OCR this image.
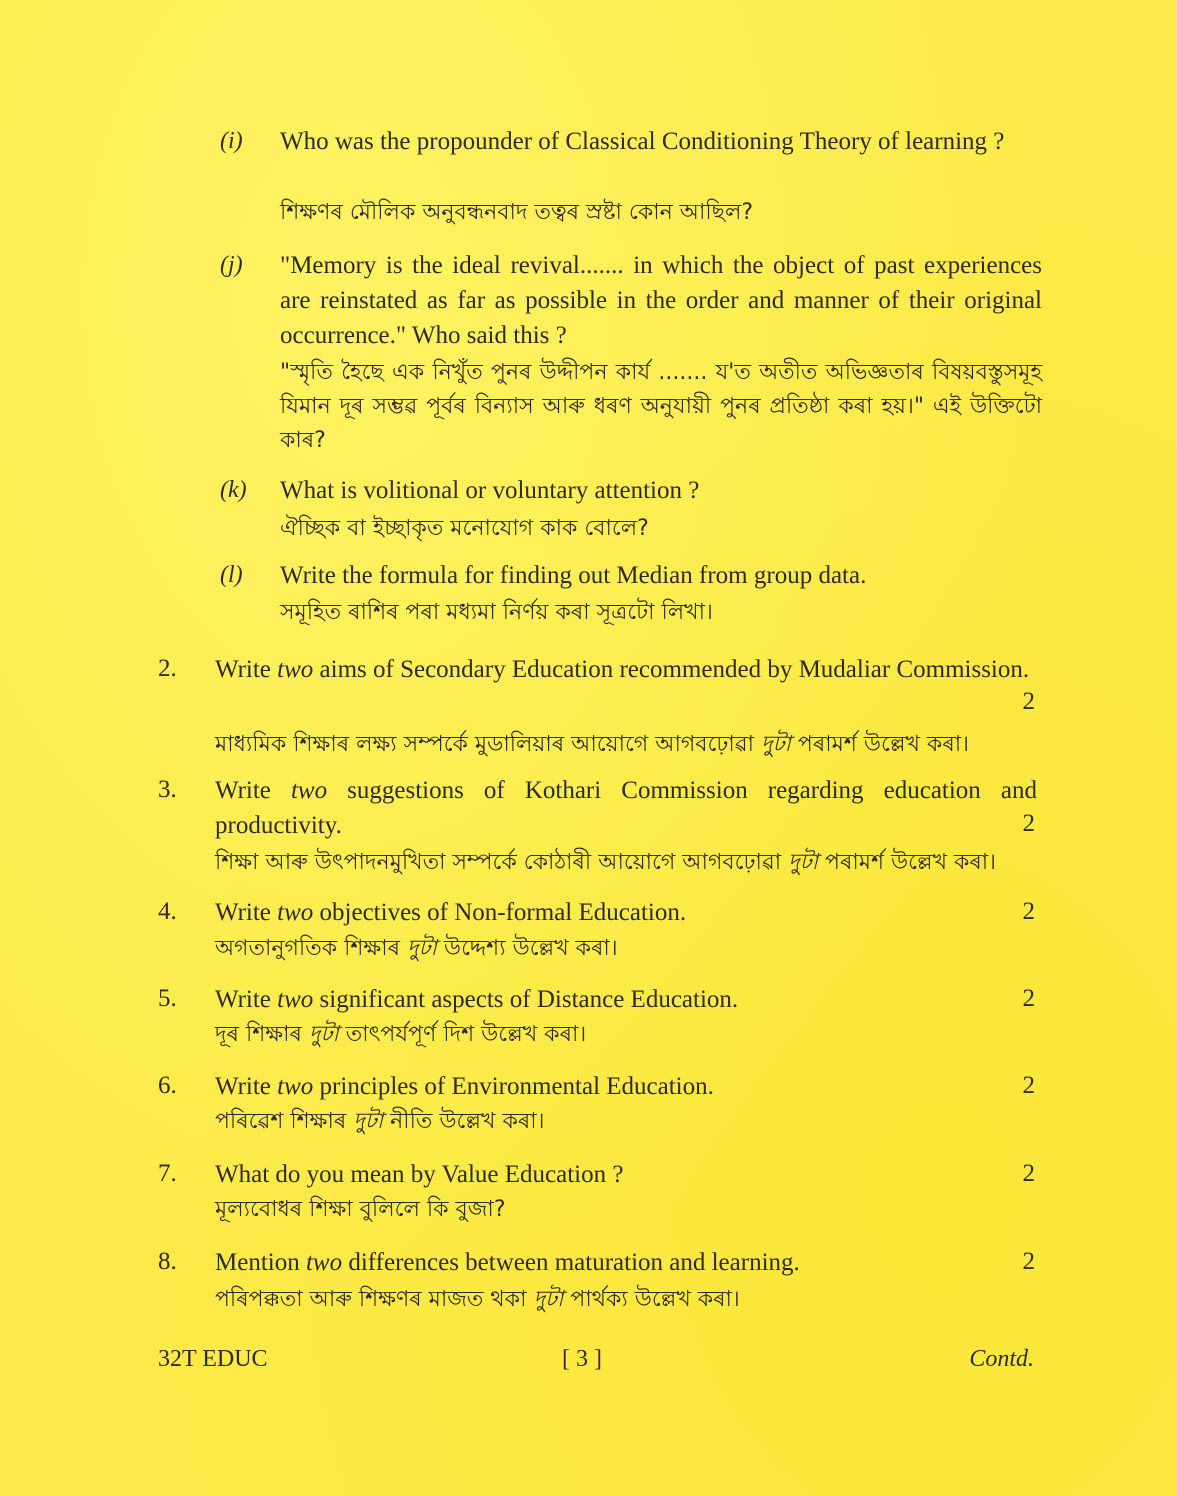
(i) Who was the propounder of Classical Conditioning Theory of learning ?
শিক্ষণৰ মৌলিক অনুবন্ধনবাদ তত্বৰ স্রষ্টা কোন আছিল?
(j) "Memory is the ideal revival....... in which the object of past experiences are reinstated as far as possible in the order and manner of their original occurrence." Who said this ?
"স্মৃতি হৈছে এক নিখুঁত পুনৰ উদ্দীপন কাৰ্য ....... য'ত অতীত অভিজ্ঞতাৰ বিষয়বস্তুসমূহ যিমান দূৰ সম্ভৱ পূৰ্বৰ বিন্যাস আৰু ধৰণ অনুযায়ী পুনৰ প্ৰতিষ্ঠা কৰা হয়।" এই উক্তিটো কাৰ?
(k) What is volitional or voluntary attention ?
ঐচ্ছিক বা ইচ্ছাকৃত মনোযোগ কাক বোলে?
(l) Write the formula for finding out Median from group data.
সমূহিত ৰাশিৰ পৰা মধ্যমা নিৰ্ণয় কৰা সূত্ৰটো লিখা।
2. Write two aims of Secondary Education recommended by Mudaliar Commission.
2
মাধ্যমিক শিক্ষাৰ লক্ষ্য সম্পৰ্কে মুডালিয়াৰ আয়োগে আগবঢ়োৱা দুটা পৰামৰ্শ উল্লেখ কৰা।
3. Write two suggestions of Kothari Commission regarding education and productivity.	2
শিক্ষা আৰু উৎপাদনমুখিতা সম্পৰ্কে কোঠাৰী আয়োগে আগবঢ়োৱা দুটা পৰামৰ্শ উল্লেখ কৰা।
4. Write two objectives of Non-formal Education.	2
অগতানুগতিক শিক্ষাৰ দুটা উদ্দেশ্য উল্লেখ কৰা।
5. Write two significant aspects of Distance Education.	2
দূৰ শিক্ষাৰ দুটা তাৎপৰ্যপূৰ্ণ দিশ উল্লেখ কৰা।
6. Write two principles of Environmental Education.	2
পৰিৱেশ শিক্ষাৰ দুটা নীতি উল্লেখ কৰা।
7. What do you mean by Value Education ?	2
মূল্যবোধৰ শিক্ষা বুলিলে কি বুজা?
8. Mention two differences between maturation and learning.	2
পৰিপক্কতা আৰু শিক্ষণৰ মাজত থকা দুটা পাৰ্থক্য উল্লেখ কৰা।
32T EDUC	[ 3 ]	Contd.
